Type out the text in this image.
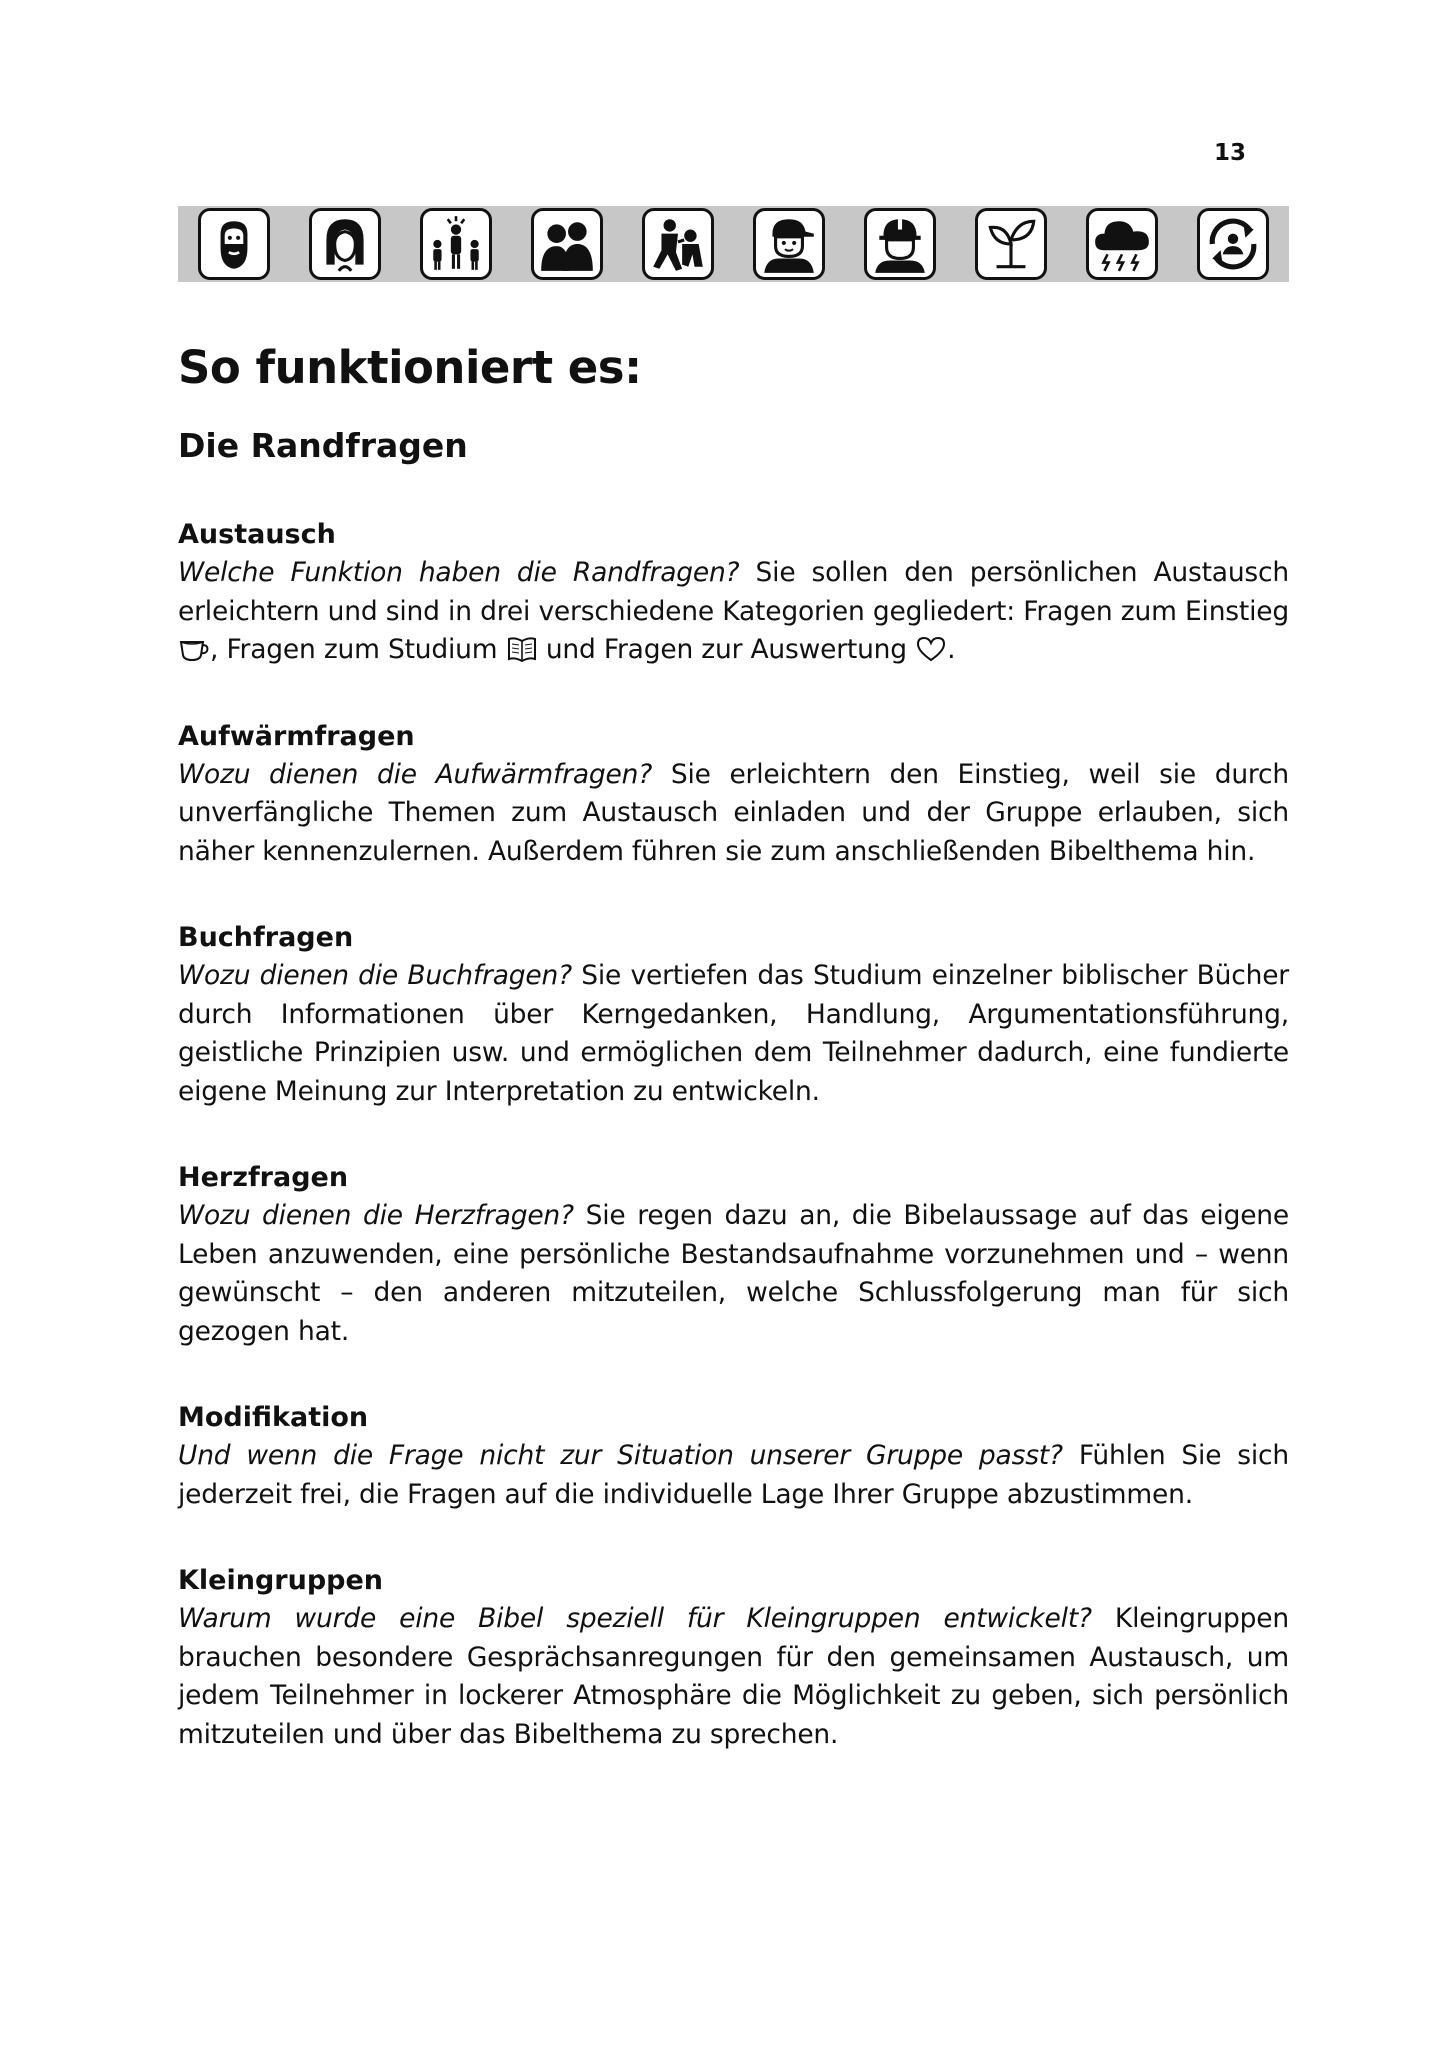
13
So funktioniert es:
Die Randfragen
Austausch

Welche Funktion haben die Randfragen? Sie sollen den persönlichen Austausch erleichtern und sind in drei verschiedene Kategorien gegliedert: Fragen zum Einstieg , Fragen zum Studium  und Fragen zur Auswertung .

Aufwärmfragen

Wozu dienen die Aufwärmfragen? Sie erleichtern den Einstieg, weil sie durch unverfängliche Themen zum Austausch einladen und der Gruppe erlauben, sich näher kennenzulernen. Außerdem führen sie zum anschließenden Bibelthema hin.

Buchfragen

Wozu dienen die Buchfragen? Sie vertiefen das Studium einzelner biblischer Bücher durch Informationen über Kerngedanken, Handlung, Argumentationsführung, geistliche Prinzipien usw. und ermöglichen dem Teilnehmer dadurch, eine fundierte eigene Meinung zur Interpretation zu entwickeln.

Herzfragen

Wozu dienen die Herzfragen? Sie regen dazu an, die Bibelaussage auf das eigene Leben anzuwenden, eine persönliche Bestandsaufnahme vorzunehmen und – wenn gewünscht – den anderen mitzuteilen, welche Schlussfolgerung man für sich gezogen hat.

Modifikation

Und wenn die Frage nicht zur Situation unserer Gruppe passt? Fühlen Sie sich jederzeit frei, die Fragen auf die individuelle Lage Ihrer Gruppe abzustimmen.

Kleingruppen

Warum wurde eine Bibel speziell für Kleingruppen entwickelt? Kleingruppen brauchen besondere Gesprächsanregungen für den gemeinsamen Austausch, um jedem Teilnehmer in lockerer Atmosphäre die Möglichkeit zu geben, sich persönlich mitzuteilen und über das Bibelthema zu sprechen.
